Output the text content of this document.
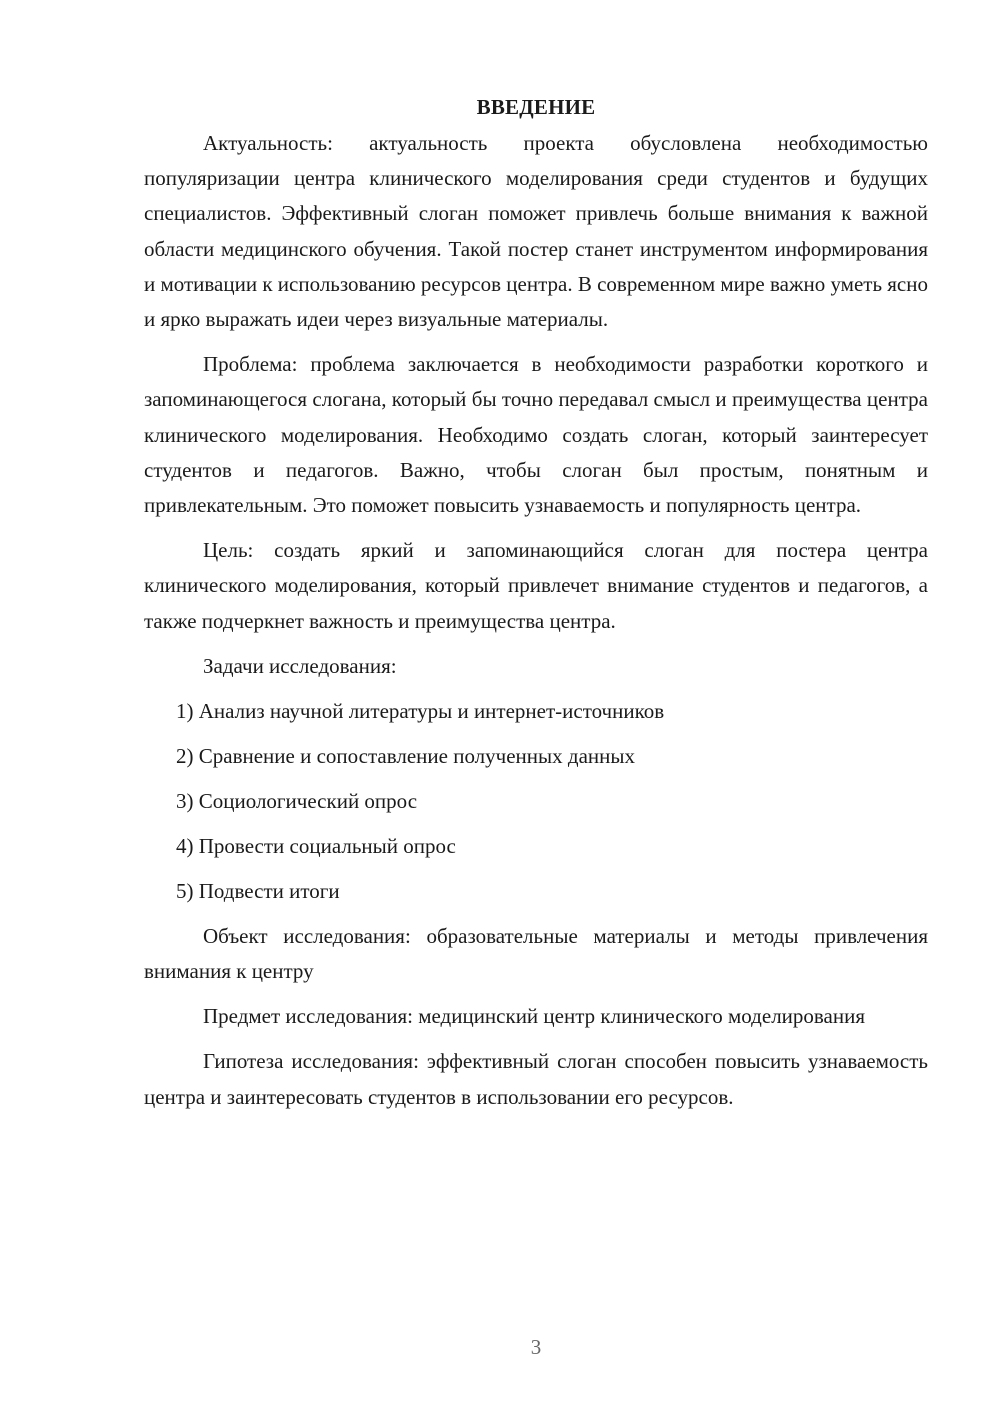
ВВЕДЕНИЕ

Актуальность: актуальность проекта обусловлена необходимостью популяризации центра клинического моделирования среди студентов и будущих специалистов. Эффективный слоган поможет привлечь больше внимания к важной области медицинского обучения. Такой постер станет инструментом информирования и мотивации к использованию ресурсов центра. В современном мире важно уметь ясно и ярко выражать идеи через визуальные материалы.

Проблема: проблема заключается в необходимости разработки короткого и запоминающегося слогана, который бы точно передавал смысл и преимущества центра клинического моделирования. Необходимо создать слоган, который заинтересует студентов и педагогов. Важно, чтобы слоган был простым, понятным и привлекательным. Это поможет повысить узнаваемость и популярность центра.

Цель: создать яркий и запоминающийся слоган для постера центра клинического моделирования, который привлечет внимание студентов и педагогов, а также подчеркнет важность и преимущества центра.

Задачи исследования:
1) Анализ научной литературы и интернет-источников
2) Сравнение и сопоставление полученных данных
3) Социологический опрос
4) Провести социальный опрос
5) Подвести итоги

Объект исследования: образовательные материалы и методы привлечения внимания к центру

Предмет исследования: медицинский центр клинического моделирования

Гипотеза исследования: эффективный слоган способен повысить узнаваемость центра и заинтересовать студентов в использовании его ресурсов.

3
